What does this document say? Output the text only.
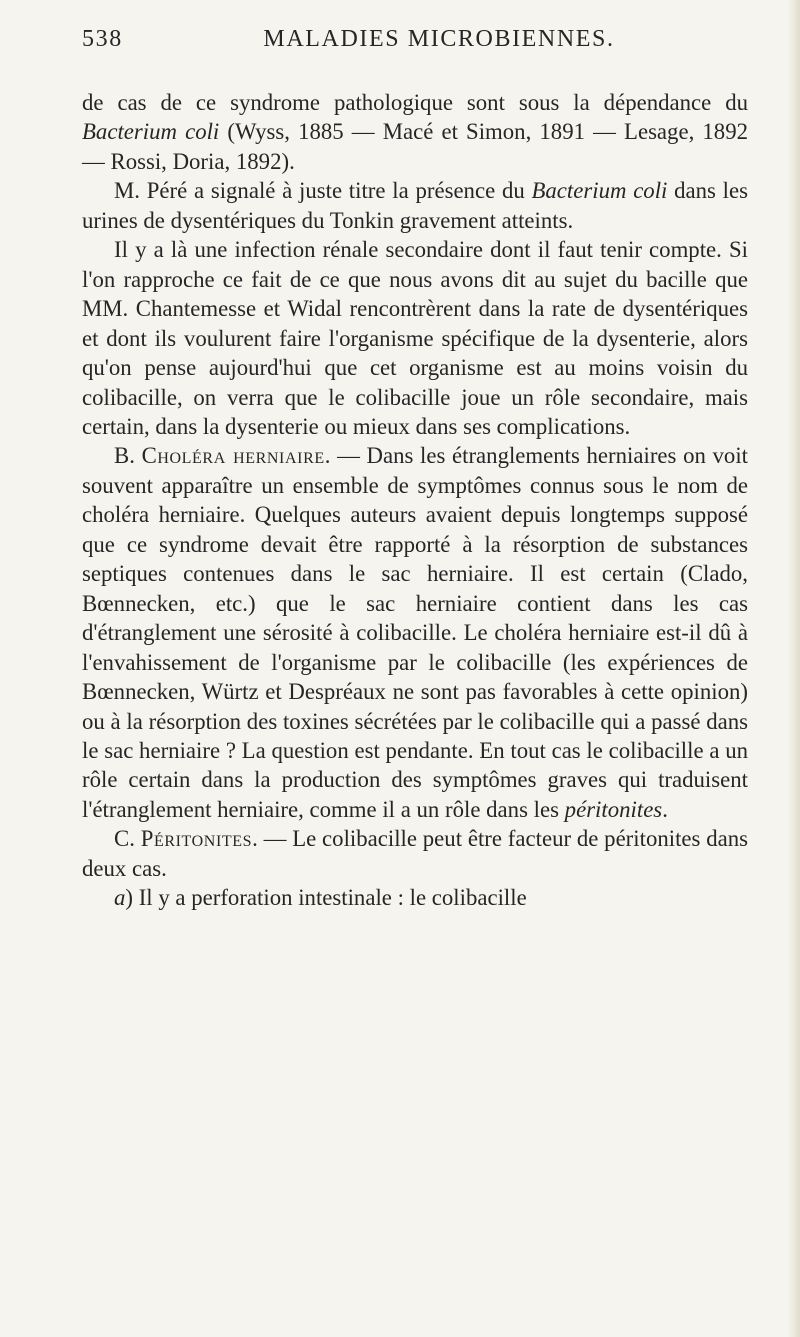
538	MALADIES MICROBIENNES.

de cas de ce syndrome pathologique sont sous la dépendance du Bacterium coli (Wyss, 1885 — Macé et Simon, 1891 — Lesage, 1892 — Rossi, Doria, 1892).

M. Péré a signalé à juste titre la présence du Bacterium coli dans les urines de dysentériques du Tonkin gravement atteints.

Il y a là une infection rénale secondaire dont il faut tenir compte. Si l'on rapproche ce fait de ce que nous avons dit au sujet du bacille que MM. Chantemesse et Widal rencontrèrent dans la rate de dysentériques et dont ils voulurent faire l'organisme spécifique de la dysenterie, alors qu'on pense aujourd'hui que cet organisme est au moins voisin du colibacille, on verra que le colibacille joue un rôle secondaire, mais certain, dans la dysenterie ou mieux dans ses complications.

B. Choléra herniaire. — Dans les étranglements herniaires on voit souvent apparaître un ensemble de symptômes connus sous le nom de choléra herniaire. Quelques auteurs avaient depuis longtemps supposé que ce syndrome devait être rapporté à la résorption de substances septiques contenues dans le sac herniaire. Il est certain (Clado, Bœnnecken, etc.) que le sac herniaire contient dans les cas d'étranglement une sérosité à colibacille. Le choléra herniaire est-il dû à l'envahissement de l'organisme par le colibacille (les expériences de Bœnnecken, Würtz et Despréaux ne sont pas favorables à cette opinion) ou à la résorption des toxines sécrétées par le colibacille qui a passé dans le sac herniaire ? La question est pendante. En tout cas le colibacille a un rôle certain dans la production des symptômes graves qui traduisent l'étranglement herniaire, comme il a un rôle dans les péritonites.

C. Péritonites. — Le colibacille peut être facteur de péritonites dans deux cas.

a) Il y a perforation intestinale : le colibacille
